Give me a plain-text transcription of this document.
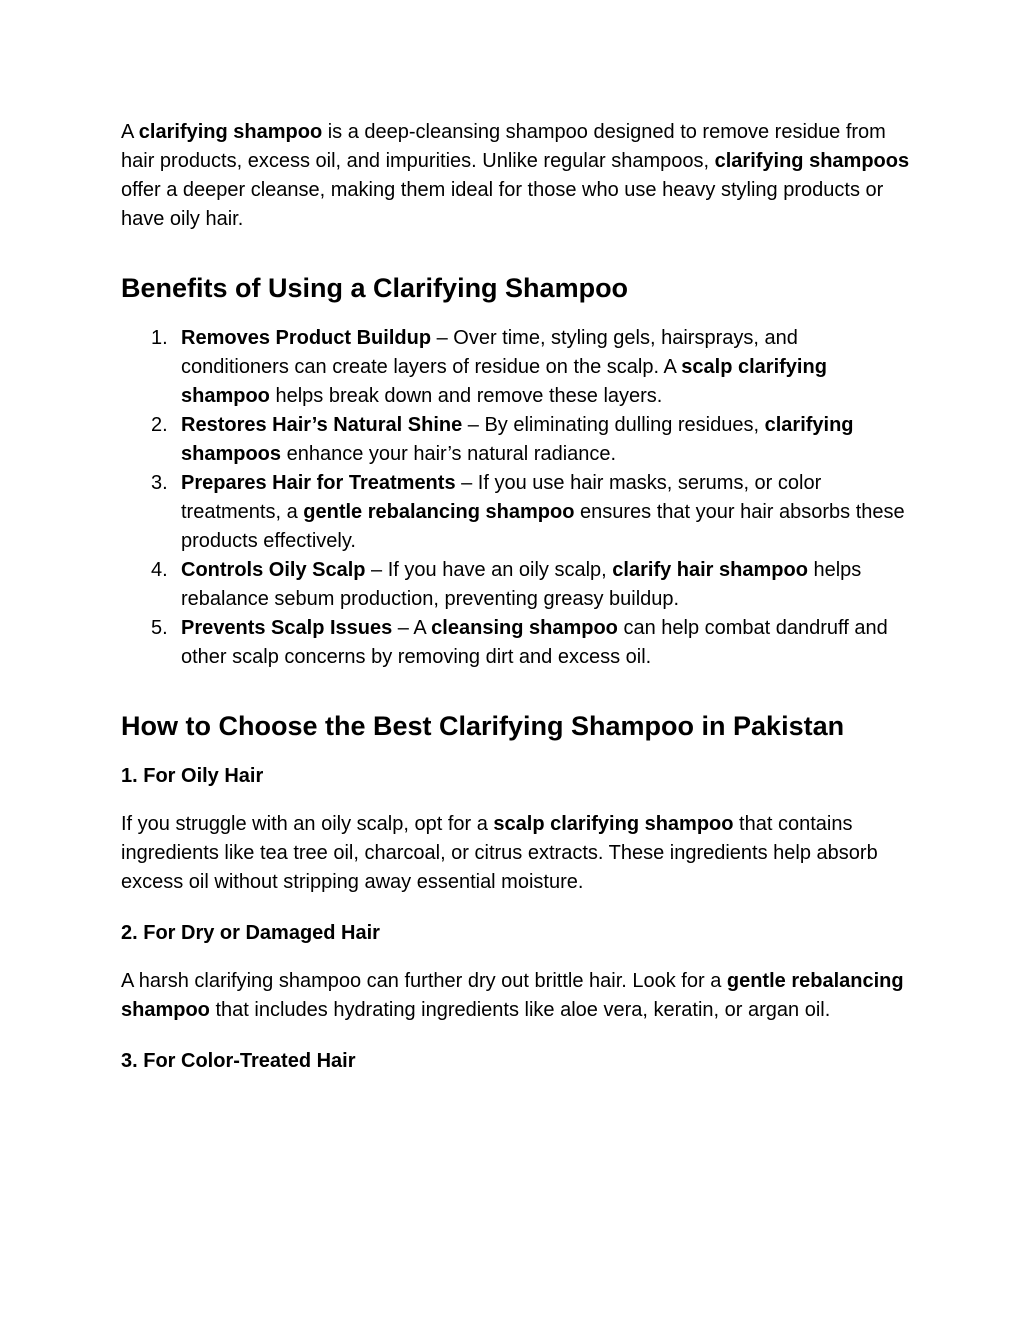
A clarifying shampoo is a deep-cleansing shampoo designed to remove residue from hair products, excess oil, and impurities. Unlike regular shampoos, clarifying shampoos offer a deeper cleanse, making them ideal for those who use heavy styling products or have oily hair.

Benefits of Using a Clarifying Shampoo
1. Removes Product Buildup – Over time, styling gels, hairsprays, and conditioners can create layers of residue on the scalp. A scalp clarifying shampoo helps break down and remove these layers.
2. Restores Hair’s Natural Shine – By eliminating dulling residues, clarifying shampoos enhance your hair’s natural radiance.
3. Prepares Hair for Treatments – If you use hair masks, serums, or color treatments, a gentle rebalancing shampoo ensures that your hair absorbs these products effectively.
4. Controls Oily Scalp – If you have an oily scalp, clarify hair shampoo helps rebalance sebum production, preventing greasy buildup.
5. Prevents Scalp Issues – A cleansing shampoo can help combat dandruff and other scalp concerns by removing dirt and excess oil.
How to Choose the Best Clarifying Shampoo in Pakistan
1. For Oily Hair

If you struggle with an oily scalp, opt for a scalp clarifying shampoo that contains ingredients like tea tree oil, charcoal, or citrus extracts. These ingredients help absorb excess oil without stripping away essential moisture.

2. For Dry or Damaged Hair

A harsh clarifying shampoo can further dry out brittle hair. Look for a gentle rebalancing shampoo that includes hydrating ingredients like aloe vera, keratin, or argan oil.

3. For Color-Treated Hair
